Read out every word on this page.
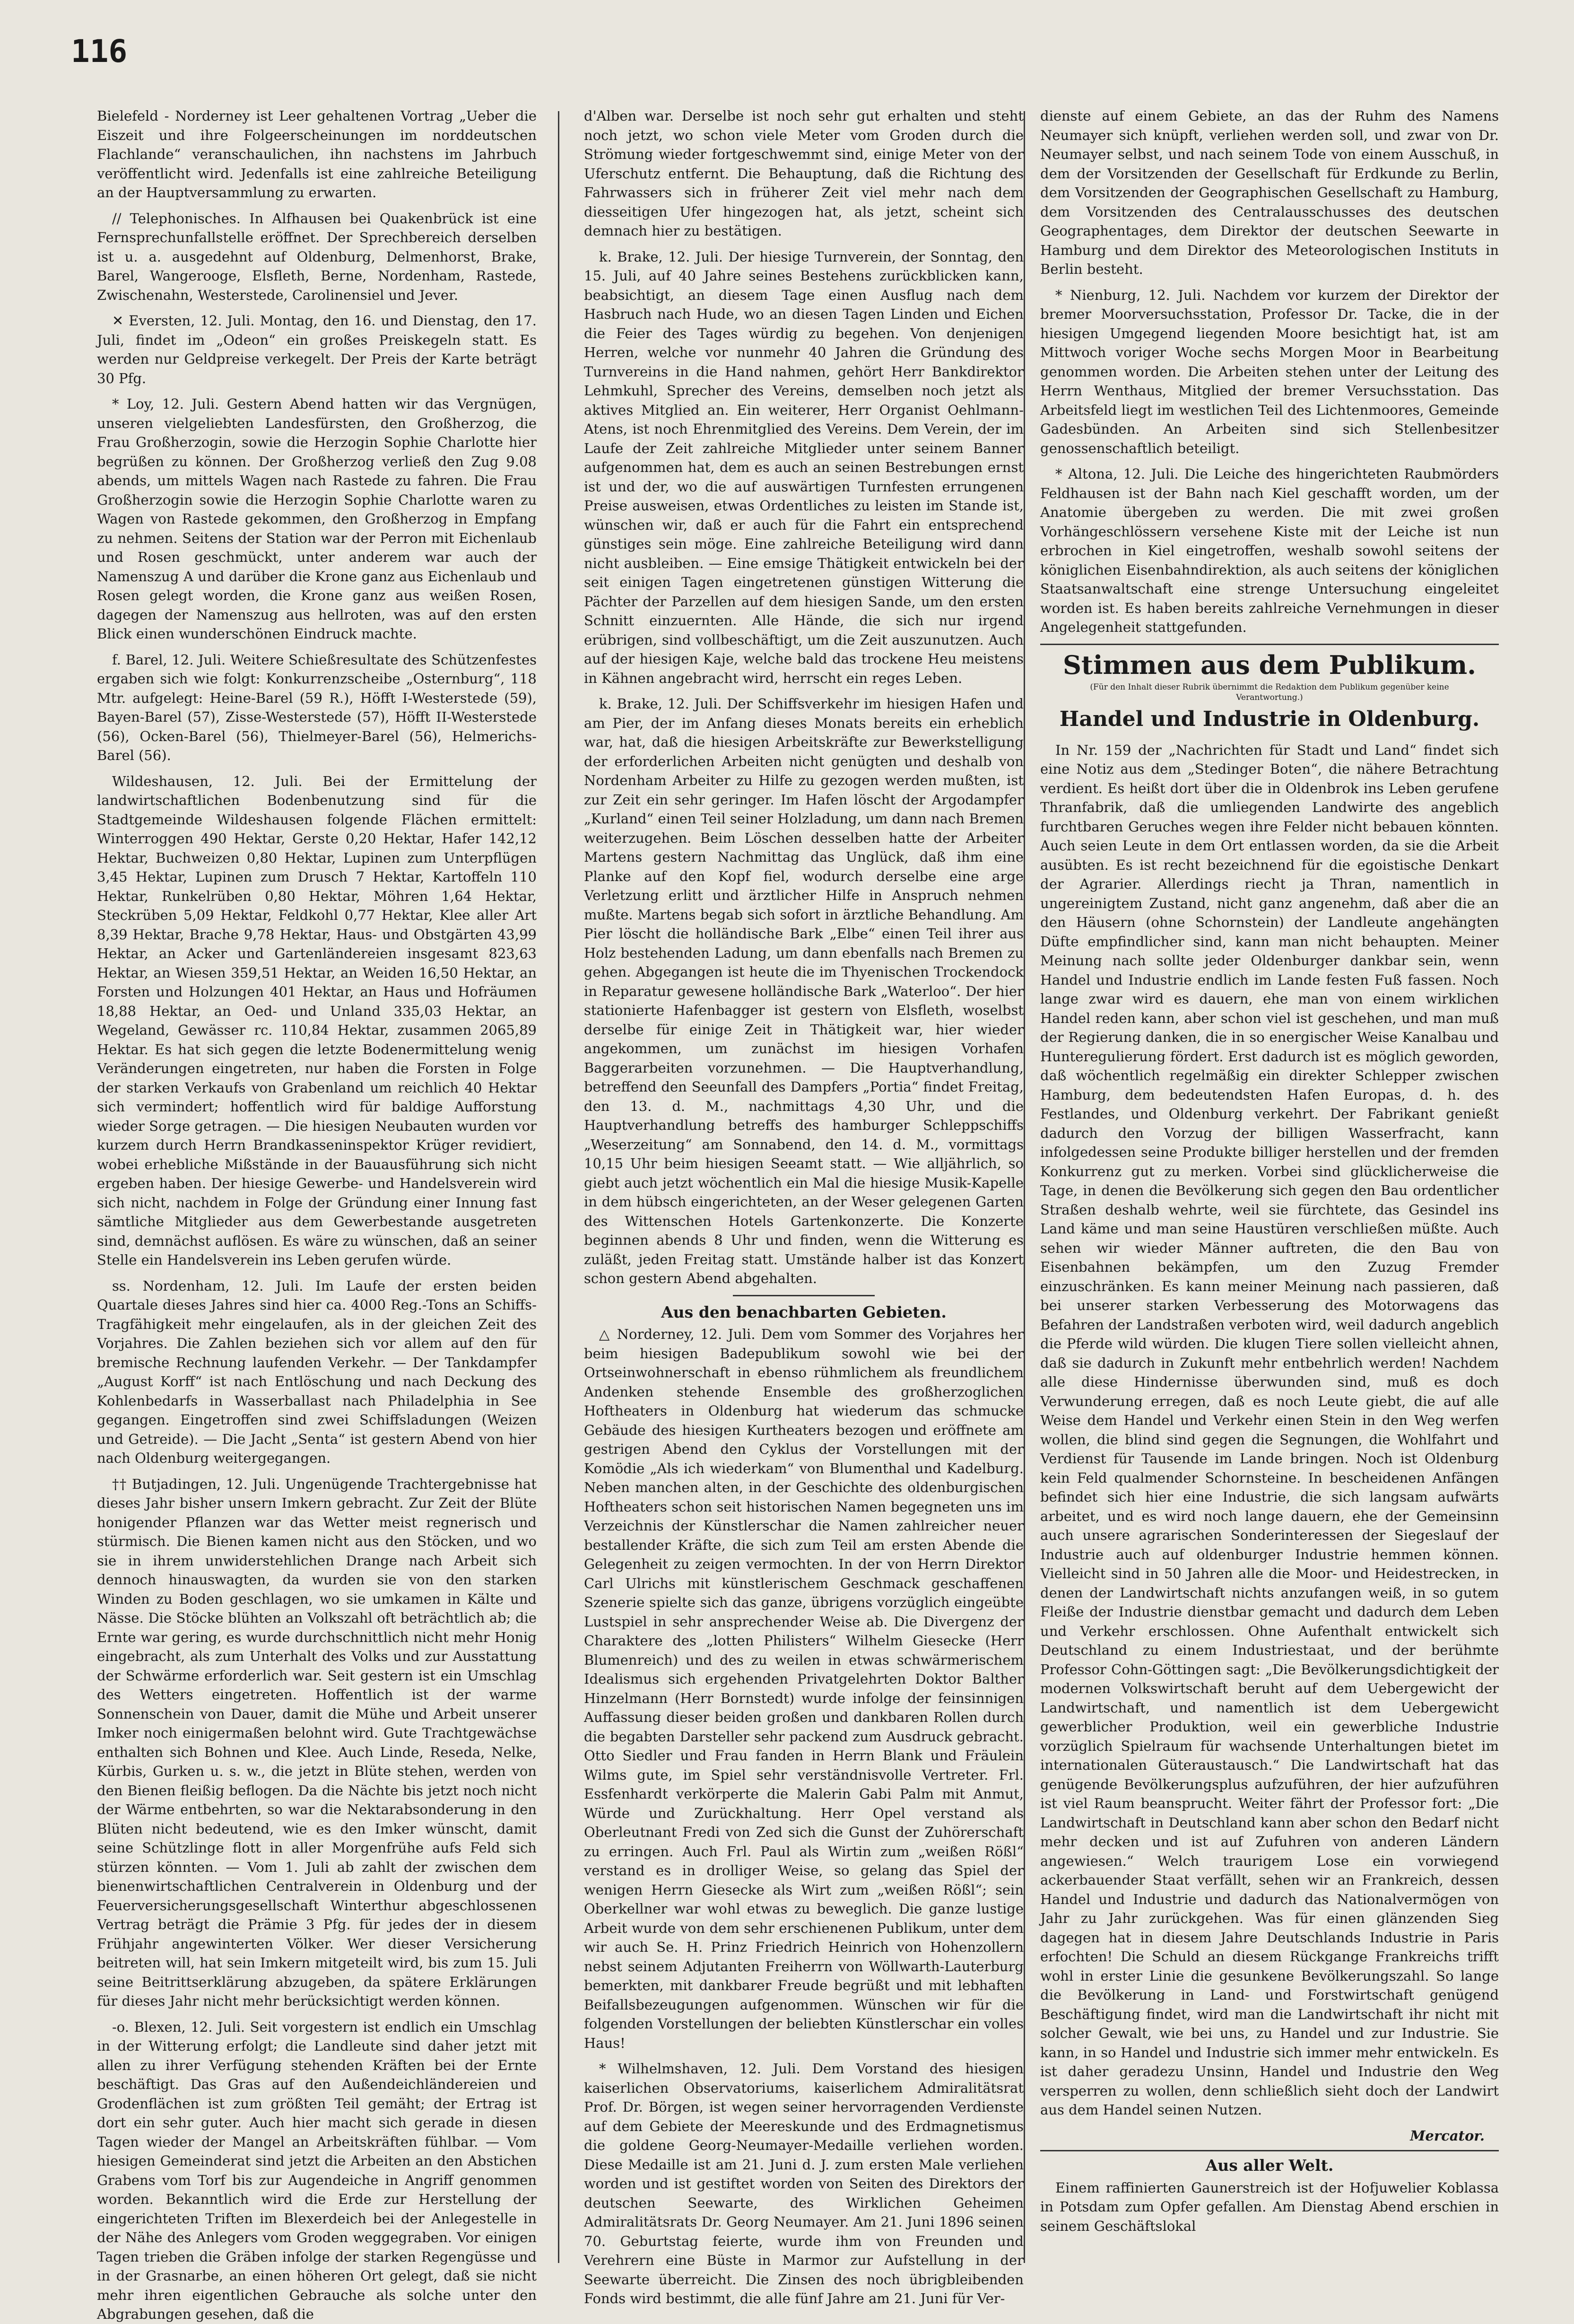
116

Bielefeld - Norderney ist Leer gehaltenen Vortrag „Ueber die Eiszeit und ihre Folgeerscheinungen im norddeutschen Flachlande“ veranschaulichen, ihn nachstens im Jahrbuch veröffentlicht wird. Jedenfalls ist eine zahlreiche Beteiligung an der Hauptversammlung zu erwarten.

// Telephonisches. In Alfhausen bei Quakenbrück ist eine Fernsprechunfallstelle eröffnet. Der Sprechbereich derselben ist u. a. ausgedehnt auf Oldenburg, Delmenhorst, Brake, Barel, Wangerooge, Elsfleth, Berne, Nordenham, Rastede, Zwischenahn, Westerstede, Carolinensiel und Jever.

✕ Eversten, 12. Juli. Montag, den 16. und Dienstag, den 17. Juli, findet im „Odeon“ ein großes Preiskegeln statt. Es werden nur Geldpreise verkegelt. Der Preis der Karte beträgt 30 Pfg.

* Loy, 12. Juli. Gestern Abend hatten wir das Vergnügen, unseren vielgeliebten Landesfürsten, den Großherzog, die Frau Großherzogin, sowie die Herzogin Sophie Charlotte hier begrüßen zu können. Der Großherzog verließ den Zug 9.08 abends, um mittels Wagen nach Rastede zu fahren. Die Frau Großherzogin sowie die Herzogin Sophie Charlotte waren zu Wagen von Rastede gekommen, den Großherzog in Empfang zu nehmen. Seitens der Station war der Perron mit Eichenlaub und Rosen geschmückt, unter anderem war auch der Namenszug A und darüber die Krone ganz aus Eichenlaub und Rosen gelegt worden, die Krone ganz aus weißen Rosen, dagegen der Namenszug aus hellroten, was auf den ersten Blick einen wunderschönen Eindruck machte.

f. Barel, 12. Juli. Weitere Schießresultate des Schützenfestes ergaben sich wie folgt: Konkurrenzscheibe „Osternburg“, 118 Mtr. aufgelegt: Heine-Barel (59 R.), Höfft I-Westerstede (59), Bayen-Barel (57), Zisse-Westerstede (57), Höfft II-Westerstede (56), Ocken-Barel (56), Thielmeyer-Barel (56), Helmerichs-Barel (56).

Wildeshausen, 12. Juli. Bei der Ermittelung der landwirtschaftlichen Bodenbenutzung sind für die Stadtgemeinde Wildeshausen folgende Flächen ermittelt: Winterroggen 490 Hektar, Gerste 0,20 Hektar, Hafer 142,12 Hektar, Buchweizen 0,80 Hektar, Lupinen zum Unterpflügen 3,45 Hektar, Lupinen zum Drusch 7 Hektar, Kartoffeln 110 Hektar, Runkelrüben 0,80 Hektar, Möhren 1,64 Hektar, Steckrüben 5,09 Hektar, Feldkohl 0,77 Hektar, Klee aller Art 8,39 Hektar, Brache 9,78 Hektar, Haus- und Obstgärten 43,99 Hektar, an Acker und Gartenländereien insgesamt 823,63 Hektar, an Wiesen 359,51 Hektar, an Weiden 16,50 Hektar, an Forsten und Holzungen 401 Hektar, an Haus und Hofräumen 18,88 Hektar, an Oed- und Unland 335,03 Hektar, an Wegeland, Gewässer rc. 110,84 Hektar, zusammen 2065,89 Hektar. Es hat sich gegen die letzte Bodenermittelung wenig Veränderungen eingetreten, nur haben die Forsten in Folge der starken Verkaufs von Grabenland um reichlich 40 Hektar sich vermindert; hoffentlich wird für baldige Aufforstung wieder Sorge getragen. — Die hiesigen Neubauten wurden vor kurzem durch Herrn Brandkasseninspektor Krüger revidiert, wobei erhebliche Mißstände in der Bauausführung sich nicht ergeben haben. Der hiesige Gewerbe- und Handelsverein wird sich nicht, nachdem in Folge der Gründung einer Innung fast sämtliche Mitglieder aus dem Gewerbestande ausgetreten sind, demnächst auflösen. Es wäre zu wünschen, daß an seiner Stelle ein Handelsverein ins Leben gerufen würde.

ss. Nordenham, 12. Juli. Im Laufe der ersten beiden Quartale dieses Jahres sind hier ca. 4000 Reg.-Tons an Schiffs-Tragfähigkeit mehr eingelaufen, als in der gleichen Zeit des Vorjahres. Die Zahlen beziehen sich vor allem auf den für bremische Rechnung laufenden Verkehr. — Der Tankdampfer „August Korff“ ist nach Entlöschung und nach Deckung des Kohlenbedarfs in Wasserballast nach Philadelphia in See gegangen. Eingetroffen sind zwei Schiffsladungen (Weizen und Getreide). — Die Jacht „Senta“ ist gestern Abend von hier nach Oldenburg weitergegangen.

†† Butjadingen, 12. Juli. Ungenügende Trachtergebnisse hat dieses Jahr bisher unsern Imkern gebracht. Zur Zeit der Blüte honigender Pflanzen war das Wetter meist regnerisch und stürmisch. Die Bienen kamen nicht aus den Stöcken, und wo sie in ihrem unwiderstehlichen Drange nach Arbeit sich dennoch hinauswagten, da wurden sie von den starken Winden zu Boden geschlagen, wo sie umkamen in Kälte und Nässe. Die Stöcke blühten an Volkszahl oft beträchtlich ab; die Ernte war gering, es wurde durchschnittlich nicht mehr Honig eingebracht, als zum Unterhalt des Volks und zur Ausstattung der Schwärme erforderlich war. Seit gestern ist ein Umschlag des Wetters eingetreten. Hoffentlich ist der warme Sonnenschein von Dauer, damit die Mühe und Arbeit unserer Imker noch einigermaßen belohnt wird. Gute Trachtgewächse enthalten sich Bohnen und Klee. Auch Linde, Reseda, Nelke, Kürbis, Gurken u. s. w., die jetzt in Blüte stehen, werden von den Bienen fleißig beflogen. Da die Nächte bis jetzt noch nicht der Wärme entbehrten, so war die Nektarabsonderung in den Blüten nicht bedeutend, wie es den Imker wünscht, damit seine Schützlinge flott in aller Morgenfrühe aufs Feld sich stürzen könnten. — Vom 1. Juli ab zahlt der zwischen dem bienenwirtschaftlichen Centralverein in Oldenburg und der Feuerversicherungsgesellschaft Winterthur abgeschlossenen Vertrag beträgt die Prämie 3 Pfg. für jedes der in diesem Frühjahr angewinterten Völker. Wer dieser Versicherung beitreten will, hat sein Imkern mitgeteilt wird, bis zum 15. Juli seine Beitrittserklärung abzugeben, da spätere Erklärungen für dieses Jahr nicht mehr berücksichtigt werden können.

-o. Blexen, 12. Juli. Seit vorgestern ist endlich ein Umschlag in der Witterung erfolgt; die Landleute sind daher jetzt mit allen zu ihrer Verfügung stehenden Kräften bei der Ernte beschäftigt. Das Gras auf den Außendeichländereien und Grodenflächen ist zum größten Teil gemäht; der Ertrag ist dort ein sehr guter. Auch hier macht sich gerade in diesen Tagen wieder der Mangel an Arbeitskräften fühlbar. — Vom hiesigen Gemeinderat sind jetzt die Arbeiten an den Abstichen Grabens vom Torf bis zur Augendeiche in Angriff genommen worden. Bekanntlich wird die Erde zur Herstellung der eingerichteten Triften im Blexerdeich bei der Anlegestelle in der Nähe des Anlegers vom Groden weggegraben. Vor einigen Tagen trieben die Gräben infolge der starken Regengüsse und in der Grasnarbe, an einen höheren Ort gelegt, daß sie nicht mehr ihren eigentlichen Gebrauche als solche unter den Abgrabungen gesehen, daß die

d'Alben war. Derselbe ist noch sehr gut erhalten und steht noch jetzt, wo schon viele Meter vom Groden durch die Strömung wieder fortgeschwemmt sind, einige Meter von der Uferschutz entfernt. Die Behauptung, daß die Richtung des Fahrwassers sich in früherer Zeit viel mehr nach dem diesseitigen Ufer hingezogen hat, als jetzt, scheint sich demnach hier zu bestätigen.

k. Brake, 12. Juli. Der hiesige Turnverein, der Sonntag, den 15. Juli, auf 40 Jahre seines Bestehens zurückblicken kann, beabsichtigt, an diesem Tage einen Ausflug nach dem Hasbruch nach Hude, wo an diesen Tagen Linden und Eichen die Feier des Tages würdig zu begehen. Von denjenigen Herren, welche vor nunmehr 40 Jahren die Gründung des Turnvereins in die Hand nahmen, gehört Herr Bankdirektor Lehmkuhl, Sprecher des Vereins, demselben noch jetzt als aktives Mitglied an. Ein weiterer, Herr Organist Oehlmann-Atens, ist noch Ehrenmitglied des Vereins. Dem Verein, der im Laufe der Zeit zahlreiche Mitglieder unter seinem Banner aufgenommen hat, dem es auch an seinen Bestrebungen ernst ist und der, wo die auf auswärtigen Turnfesten errungenen Preise ausweisen, etwas Ordentliches zu leisten im Stande ist, wünschen wir, daß er auch für die Fahrt ein entsprechend günstiges sein möge. Eine zahlreiche Beteiligung wird dann nicht ausbleiben. — Eine emsige Thätigkeit entwickeln bei der seit einigen Tagen eingetretenen günstigen Witterung die Pächter der Parzellen auf dem hiesigen Sande, um den ersten Schnitt einzuernten. Alle Hände, die sich nur irgend erübrigen, sind vollbeschäftigt, um die Zeit auszunutzen. Auch auf der hiesigen Kaje, welche bald das trockene Heu meistens in Kähnen angebracht wird, herrscht ein reges Leben.

k. Brake, 12. Juli. Der Schiffsverkehr im hiesigen Hafen und am Pier, der im Anfang dieses Monats bereits ein erheblich war, hat, daß die hiesigen Arbeitskräfte zur Bewerkstelligung der erforderlichen Arbeiten nicht genügten und deshalb von Nordenham Arbeiter zu Hilfe zu gezogen werden mußten, ist zur Zeit ein sehr geringer. Im Hafen löscht der Argodampfer „Kurland“ einen Teil seiner Holzladung, um dann nach Bremen weiterzugehen. Beim Löschen desselben hatte der Arbeiter Martens gestern Nachmittag das Unglück, daß ihm eine Planke auf den Kopf fiel, wodurch derselbe eine arge Verletzung erlitt und ärztlicher Hilfe in Anspruch nehmen mußte. Martens begab sich sofort in ärztliche Behandlung. Am Pier löscht die holländische Bark „Elbe“ einen Teil ihrer aus Holz bestehenden Ladung, um dann ebenfalls nach Bremen zu gehen. Abgegangen ist heute die im Thyenischen Trockendock in Reparatur gewesene holländische Bark „Waterloo“. Der hier stationierte Hafenbagger ist gestern von Elsfleth, woselbst derselbe für einige Zeit in Thätigkeit war, hier wieder angekommen, um zunächst im hiesigen Vorhafen Baggerarbeiten vorzunehmen. — Die Hauptverhandlung, betreffend den Seeunfall des Dampfers „Portia“ findet Freitag, den 13. d. M., nachmittags 4,30 Uhr, und die Hauptverhandlung betreffs des hamburger Schleppschiffs „Weserzeitung“ am Sonnabend, den 14. d. M., vormittags 10,15 Uhr beim hiesigen Seeamt statt. — Wie alljährlich, so giebt auch jetzt wöchentlich ein Mal die hiesige Musik-Kapelle in dem hübsch eingerichteten, an der Weser gelegenen Garten des Wittenschen Hotels Gartenkonzerte. Die Konzerte beginnen abends 8 Uhr und finden, wenn die Witterung es zuläßt, jeden Freitag statt. Umstände halber ist das Konzert schon gestern Abend abgehalten.

Aus den benachbarten Gebieten.

△ Norderney, 12. Juli. Dem vom Sommer des Vorjahres her beim hiesigen Badepublikum sowohl wie bei der Ortseinwohnerschaft in ebenso rühmlichem als freundlichem Andenken stehende Ensemble des großherzoglichen Hoftheaters in Oldenburg hat wiederum das schmucke Gebäude des hiesigen Kurtheaters bezogen und eröffnete am gestrigen Abend den Cyklus der Vorstellungen mit der Komödie „Als ich wiederkam“ von Blumenthal und Kadelburg. Neben manchen alten, in der Geschichte des oldenburgischen Hoftheaters schon seit historischen Namen begegneten uns im Verzeichnis der Künstlerschar die Namen zahlreicher neuer bestallender Kräfte, die sich zum Teil am ersten Abende die Gelegenheit zu zeigen vermochten. In der von Herrn Direktor Carl Ulrichs mit künstlerischem Geschmack geschaffenen Szenerie spielte sich das ganze, übrigens vorzüglich eingeübte Lustspiel in sehr ansprechender Weise ab. Die Divergenz der Charaktere des „lotten Philisters“ Wilhelm Giesecke (Herr Blumenreich) und des zu weilen in etwas schwärmerischem Idealismus sich ergehenden Privatgelehrten Doktor Balther Hinzelmann (Herr Bornstedt) wurde infolge der feinsinnigen Auffassung dieser beiden großen und dankbaren Rollen durch die begabten Darsteller sehr packend zum Ausdruck gebracht. Otto Siedler und Frau fanden in Herrn Blank und Fräulein Wilms gute, im Spiel sehr verständnisvolle Vertreter. Frl. Essfenhardt verkörperte die Malerin Gabi Palm mit Anmut, Würde und Zurückhaltung. Herr Opel verstand als Oberleutnant Fredi von Zed sich die Gunst der Zuhörerschaft zu erringen. Auch Frl. Paul als Wirtin zum „weißen Rößl“ verstand es in drolliger Weise, so gelang das Spiel der wenigen Herrn Giesecke als Wirt zum „weißen Rößl“; sein Oberkellner war wohl etwas zu beweglich. Die ganze lustige Arbeit wurde von dem sehr erschienenen Publikum, unter dem wir auch Se. H. Prinz Friedrich Heinrich von Hohenzollern nebst seinem Adjutanten Freiherrn von Wöllwarth-Lauterburg bemerkten, mit dankbarer Freude begrüßt und mit lebhaften Beifallsbezeugungen aufgenommen. Wünschen wir für die folgenden Vorstellungen der beliebten Künstlerschar ein volles Haus!

* Wilhelmshaven, 12. Juli. Dem Vorstand des hiesigen kaiserlichen Observatoriums, kaiserlichem Admiralitätsrat Prof. Dr. Börgen, ist wegen seiner hervorragenden Verdienste auf dem Gebiete der Meereskunde und des Erdmagnetismus die goldene Georg-Neumayer-Medaille verliehen worden. Diese Medaille ist am 21. Juni d. J. zum ersten Male verliehen worden und ist gestiftet worden von Seiten des Direktors der deutschen Seewarte, des Wirklichen Geheimen Admiralitätsrats Dr. Georg Neumayer. Am 21. Juni 1896 seinen 70. Geburtstag feierte, wurde ihm von Freunden und Verehrern eine Büste in Marmor zur Aufstellung in der Seewarte überreicht. Die Zinsen des noch übrigbleibenden Fonds wird bestimmt, die alle fünf Jahre am 21. Juni für Ver-

dienste auf einem Gebiete, an das der Ruhm des Namens Neumayer sich knüpft, verliehen werden soll, und zwar von Dr. Neumayer selbst, und nach seinem Tode von einem Ausschuß, in dem der Vorsitzenden der Gesellschaft für Erdkunde zu Berlin, dem Vorsitzenden der Geographischen Gesellschaft zu Hamburg, dem Vorsitzenden des Centralausschusses des deutschen Geographentages, dem Direktor der deutschen Seewarte in Hamburg und dem Direktor des Meteorologischen Instituts in Berlin besteht.

* Nienburg, 12. Juli. Nachdem vor kurzem der Direktor der bremer Moorversuchsstation, Professor Dr. Tacke, die in der hiesigen Umgegend liegenden Moore besichtigt hat, ist am Mittwoch voriger Woche sechs Morgen Moor in Bearbeitung genommen worden. Die Arbeiten stehen unter der Leitung des Herrn Wenthaus, Mitglied der bremer Versuchsstation. Das Arbeitsfeld liegt im westlichen Teil des Lichtenmoores, Gemeinde Gadesbünden. An Arbeiten sind sich Stellenbesitzer genossenschaftlich beteiligt.

* Altona, 12. Juli. Die Leiche des hingerichteten Raubmörders Feldhausen ist der Bahn nach Kiel geschafft worden, um der Anatomie übergeben zu werden. Die mit zwei großen Vorhängeschlössern versehene Kiste mit der Leiche ist nun erbrochen in Kiel eingetroffen, weshalb sowohl seitens der königlichen Eisenbahndirektion, als auch seitens der königlichen Staatsanwaltschaft eine strenge Untersuchung eingeleitet worden ist. Es haben bereits zahlreiche Vernehmungen in dieser Angelegenheit stattgefunden.

Stimmen aus dem Publikum.
(Für den Inhalt dieser Rubrik übernimmt die Redaktion dem Publikum gegenüber keine Verantwortung.)
Handel und Industrie in Oldenburg.

In Nr. 159 der „Nachrichten für Stadt und Land“ findet sich eine Notiz aus dem „Stedinger Boten“, die nähere Betrachtung verdient. Es heißt dort über die in Oldenbrok ins Leben gerufene Thranfabrik, daß die umliegenden Landwirte des angeblich furchtbaren Geruches wegen ihre Felder nicht bebauen könnten. Auch seien Leute in dem Ort entlassen worden, da sie die Arbeit ausübten. Es ist recht bezeichnend für die egoistische Denkart der Agrarier. Allerdings riecht ja Thran, namentlich in ungereinigtem Zustand, nicht ganz angenehm, daß aber die an den Häusern (ohne Schornstein) der Landleute angehängten Düfte empfindlicher sind, kann man nicht behaupten. Meiner Meinung nach sollte jeder Oldenburger dankbar sein, wenn Handel und Industrie endlich im Lande festen Fuß fassen. Noch lange zwar wird es dauern, ehe man von einem wirklichen Handel reden kann, aber schon viel ist geschehen, und man muß der Regierung danken, die in so energischer Weise Kanalbau und Hunteregulierung fördert. Erst dadurch ist es möglich geworden, daß wöchentlich regelmäßig ein direkter Schlepper zwischen Hamburg, dem bedeutendsten Hafen Europas, d. h. des Festlandes, und Oldenburg verkehrt. Der Fabrikant genießt dadurch den Vorzug der billigen Wasserfracht, kann infolgedessen seine Produkte billiger herstellen und der fremden Konkurrenz gut zu merken. Vorbei sind glücklicherweise die Tage, in denen die Bevölkerung sich gegen den Bau ordentlicher Straßen deshalb wehrte, weil sie fürchtete, das Gesindel ins Land käme und man seine Haustüren verschließen müßte. Auch sehen wir wieder Männer auftreten, die den Bau von Eisenbahnen bekämpfen, um den Zuzug Fremder einzuschränken. Es kann meiner Meinung nach passieren, daß bei unserer starken Verbesserung des Motorwagens das Befahren der Landstraßen verboten wird, weil dadurch angeblich die Pferde wild würden. Die klugen Tiere sollen vielleicht ahnen, daß sie dadurch in Zukunft mehr entbehrlich werden! Nachdem alle diese Hindernisse überwunden sind, muß es doch Verwunderung erregen, daß es noch Leute giebt, die auf alle Weise dem Handel und Verkehr einen Stein in den Weg werfen wollen, die blind sind gegen die Segnungen, die Wohlfahrt und Verdienst für Tausende im Lande bringen. Noch ist Oldenburg kein Feld qualmender Schornsteine. In bescheidenen Anfängen befindet sich hier eine Industrie, die sich langsam aufwärts arbeitet, und es wird noch lange dauern, ehe der Gemeinsinn auch unsere agrarischen Sonderinteressen der Siegeslauf der Industrie auch auf oldenburger Industrie hemmen können. Vielleicht sind in 50 Jahren alle die Moor- und Heidestrecken, in denen der Landwirtschaft nichts anzufangen weiß, in so gutem Fleiße der Industrie dienstbar gemacht und dadurch dem Leben und Verkehr erschlossen. Ohne Aufenthalt entwickelt sich Deutschland zu einem Industriestaat, und der berühmte Professor Cohn-Göttingen sagt: „Die Bevölkerungsdichtigkeit der modernen Volkswirtschaft beruht auf dem Uebergewicht der Landwirtschaft, und namentlich ist dem Uebergewicht gewerblicher Produktion, weil ein gewerbliche Industrie vorzüglich Spielraum für wachsende Unterhaltungen bietet im internationalen Güteraustausch.“ Die Landwirtschaft hat das genügende Bevölkerungsplus aufzuführen, der hier aufzuführen ist viel Raum beansprucht. Weiter fährt der Professor fort: „Die Landwirtschaft in Deutschland kann aber schon den Bedarf nicht mehr decken und ist auf Zufuhren von anderen Ländern angewiesen.“ Welch traurigem Lose ein vorwiegend ackerbauender Staat verfällt, sehen wir an Frankreich, dessen Handel und Industrie und dadurch das Nationalvermögen von Jahr zu Jahr zurückgehen. Was für einen glänzenden Sieg dagegen hat in diesem Jahre Deutschlands Industrie in Paris erfochten! Die Schuld an diesem Rückgange Frankreichs trifft wohl in erster Linie die gesunkene Bevölkerungszahl. So lange die Bevölkerung in Land- und Forstwirtschaft genügend Beschäftigung findet, wird man die Landwirtschaft ihr nicht mit solcher Gewalt, wie bei uns, zu Handel und zur Industrie. Sie kann, in so Handel und Industrie sich immer mehr entwickeln. Es ist daher geradezu Unsinn, Handel und Industrie den Weg versperren zu wollen, denn schließlich sieht doch der Landwirt aus dem Handel seinen Nutzen.

Mercator.
Aus aller Welt.

Einem raffinierten Gaunerstreich ist der Hofjuwelier Koblassa in Potsdam zum Opfer gefallen. Am Dienstag Abend erschien in seinem Geschäftslokal
